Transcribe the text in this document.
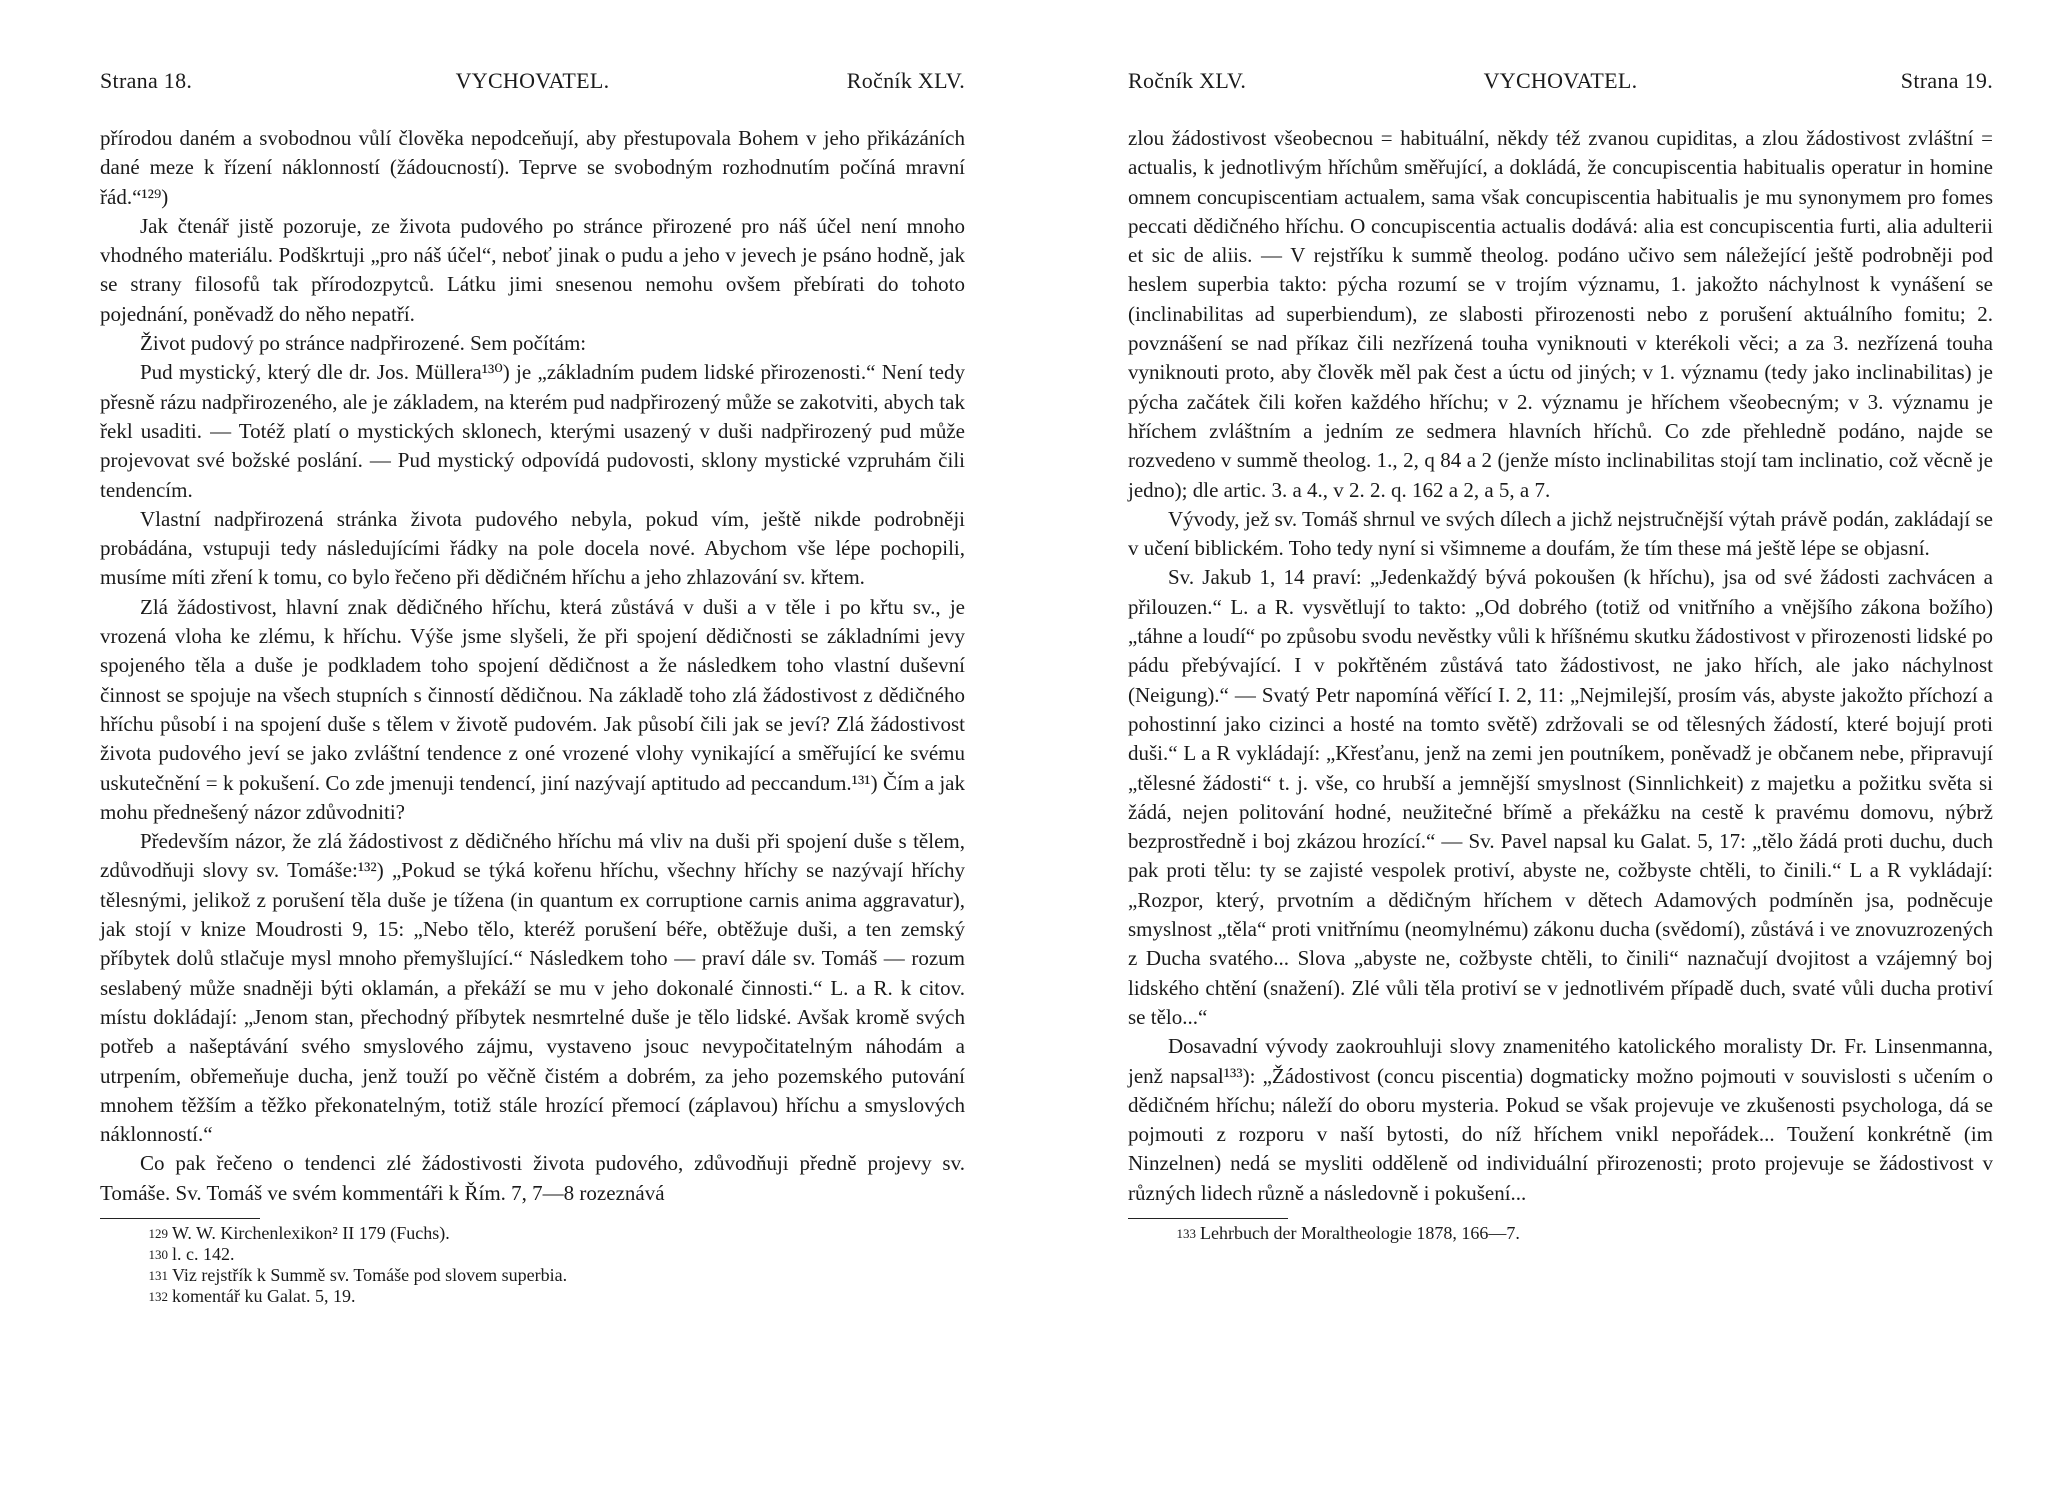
Strana 18.	VYCHOVATEL.	Ročník XLV.

přírodou daném a svobodnou vůlí člověka nepodceňují, aby přestupovala Bohem v jeho přikázáních dané meze k řízení náklonností (žádoucností). Teprve se svobodným rozhodnutím počíná mravní řád.“¹²⁹)

Jak čtenář jistě pozoruje, ze života pudového po stránce přirozené pro náš účel není mnoho vhodného materiálu. Podškrtuji „pro náš účel“, neboť jinak o pudu a jeho v jevech je psáno hodně, jak se strany filosofů tak přírodozpytců. Látku jimi snesenou nemohu ovšem přebírati do tohoto pojednání, poněvadž do něho nepatří.

Život pudový po stránce nadpřirozené. Sem počítám:

Pud mystický, který dle dr. Jos. Müllera¹³⁰) je „základním pudem lidské přirozenosti.“ Není tedy přesně rázu nadpřirozeného, ale je základem, na kterém pud nadpřirozený může se zakotviti, abych tak řekl usaditi. — Totéž platí o mystických sklonech, kterými usazený v duši nadpřirozený pud může projevovat své božské poslání. — Pud mystický odpovídá pudovosti, sklony mystické vzpruhám čili tendencím.

Vlastní nadpřirozená stránka života pudového nebyla, pokud vím, ještě nikde podrobněji probádána, vstupuji tedy následujícími řádky na pole docela nové. Abychom vše lépe pochopili, musíme míti zření k tomu, co bylo řečeno při dědičném hříchu a jeho zhlazování sv. křtem.

Zlá žádostivost, hlavní znak dědičného hříchu, která zůstává v duši a v těle i po křtu sv., je vrozená vloha ke zlému, k hříchu. Výše jsme slyšeli, že při spojení dědičnosti se základními jevy spojeného těla a duše je podkladem toho spojení dědičnost a že následkem toho vlastní duševní činnost se spojuje na všech stupních s činností dědičnou. Na základě toho zlá žádostivost z dědičného hříchu působí i na spojení duše s tělem v životě pudovém. Jak působí čili jak se jeví? Zlá žádostivost života pudového jeví se jako zvláštní tendence z oné vrozené vlohy vynikající a směřující ke svému uskutečnění = k pokušení. Co zde jmenuji tendencí, jiní nazývají aptitudo ad peccandum.¹³¹) Čím a jak mohu přednešený názor zdůvodniti?

Především názor, že zlá žádostivost z dědičného hříchu má vliv na duši při spojení duše s tělem, zdůvodňuji slovy sv. Tomáše:¹³²) „Pokud se týká kořenu hříchu, všechny hříchy se nazývají hříchy tělesnými, jelikož z porušení těla duše je tížena (in quantum ex corruptione carnis anima aggravatur), jak stojí v knize Moudrosti 9, 15: „Nebo tělo, kteréž porušení béře, obtěžuje duši, a ten zemský příbytek dolů stlačuje mysl mnoho přemyšlující.“ Následkem toho — praví dále sv. Tomáš — rozum seslabený může snadněji býti oklamán, a překáží se mu v jeho dokonalé činnosti.“ L. a R. k citov. místu dokládají: „Jenom stan, přechodný příbytek nesmrtelné duše je tělo lidské. Avšak kromě svých potřeb a našeptávání svého smyslového zájmu, vystaveno jsouc nevypočitatelným náhodám a utrpením, obřemeňuje ducha, jenž touží po věčně čistém a dobrém, za jeho pozemského putování mnohem těžším a těžko překonatelným, totiž stále hrozící přemocí (záplavou) hříchu a smyslových náklonností.“

Co pak řečeno o tendenci zlé žádostivosti života pudového, zdůvodňuji předně projevy sv. Tomáše. Sv. Tomáš ve svém kommentáři k Řím. 7, 7—8 rozeznává

129 W. W. Kirchenlexikon² II 179 (Fuchs).
130 l. c. 142.
131 Viz rejstřík k Summě sv. Tomáše pod slovem superbia.
132 komentář ku Galat. 5, 19.
Ročník XLV.	VYCHOVATEL.	Strana 19.

zlou žádostivost všeobecnou = habituální, někdy též zvanou cupiditas, a zlou žádostivost zvláštní = actualis, k jednotlivým hříchům směřující, a dokládá, že concupiscentia habitualis operatur in homine omnem concupiscentiam actualem, sama však concupiscentia habitualis je mu synonymem pro fomes peccati dědičného hříchu. O concupiscentia actualis dodává: alia est concupiscentia furti, alia adulterii et sic de aliis. — V rejstříku k summě theolog. podáno učivo sem náležející ještě podrobněji pod heslem superbia takto: pýcha rozumí se v trojím významu, 1. jakožto náchylnost k vynášení se (inclinabilitas ad superbiendum), ze slabosti přirozenosti nebo z porušení aktuálního fomitu; 2. povznášení se nad příkaz čili nezřízená touha vyniknouti v kterékoli věci; a za 3. nezřízená touha vyniknouti proto, aby člověk měl pak čest a úctu od jiných; v 1. významu (tedy jako inclinabilitas) je pýcha začátek čili kořen každého hříchu; v 2. významu je hříchem všeobecným; v 3. významu je hříchem zvláštním a jedním ze sedmera hlavních hříchů. Co zde přehledně podáno, najde se rozvedeno v summě theolog. 1., 2, q 84 a 2 (jenže místo inclinabilitas stojí tam inclinatio, což věcně je jedno); dle artic. 3. a 4., v 2. 2. q. 162 a 2, a 5, a 7.

Vývody, jež sv. Tomáš shrnul ve svých dílech a jichž nejstručnější výtah právě podán, zakládají se v učení biblickém. Toho tedy nyní si všimneme a doufám, že tím these má ještě lépe se objasní.

Sv. Jakub 1, 14 praví: „Jedenkaždý bývá pokoušen (k hříchu), jsa od své žádosti zachvácen a přilouzen.“ L. a R. vysvětlují to takto: „Od dobrého (totiž od vnitřního a vnějšího zákona božího) „táhne a loudí“ po způsobu svodu nevěstky vůli k hříšnému skutku žádostivost v přirozenosti lidské po pádu přebývající. I v pokřtěném zůstává tato žádostivost, ne jako hřích, ale jako náchylnost (Neigung).“ — Svatý Petr napomíná věřící I. 2, 11: „Nejmilejší, prosím vás, abyste jakožto příchozí a pohostinní jako cizinci a hosté na tomto světě) zdržovali se od tělesných žádostí, které bojují proti duši.“ L a R vykládají: „Křesťanu, jenž na zemi jen poutníkem, poněvadž je občanem nebe, připravují „tělesné žádosti“ t. j. vše, co hrubší a jemnější smyslnost (Sinnlichkeit) z majetku a požitku světa si žádá, nejen politování hodné, neužitečné břímě a překážku na cestě k pravému domovu, nýbrž bezprostředně i boj zkázou hrozící.“ — Sv. Pavel napsal ku Galat. 5, 17: „tělo žádá proti duchu, duch pak proti tělu: ty se zajisté vespolek protiví, abyste ne, cožbyste chtěli, to činili.“ L a R vykládají: „Rozpor, který, prvotním a dědičným hříchem v dětech Adamových podmíněn jsa, podněcuje smyslnost „těla“ proti vnitřnímu (neomylnému) zákonu ducha (svědomí), zůstává i ve znovuzrozených z Ducha svatého... Slova „abyste ne, cožbyste chtěli, to činili“ naznačují dvojitost a vzájemný boj lidského chtění (snažení). Zlé vůli těla protiví se v jednotlivém případě duch, svaté vůli ducha protiví se tělo...“

Dosavadní vývody zaokrouhluji slovy znamenitého katolického moralisty Dr. Fr. Linsenmanna, jenž napsal¹³³): „Žádostivost (concu piscentia) dogmaticky možno pojmouti v souvislosti s učením o dědičném hříchu; náleží do oboru mysteria. Pokud se však projevuje ve zkušenosti psychologa, dá se pojmouti z rozporu v naší bytosti, do níž hříchem vnikl nepořádek... Toužení konkrétně (im Ninzelnen) nedá se mysliti odděleně od individuální přirozenosti; proto projevuje se žádostivost v různých lidech různě a následovně i pokušení...

133 Lehrbuch der Moraltheologie 1878, 166—7.
